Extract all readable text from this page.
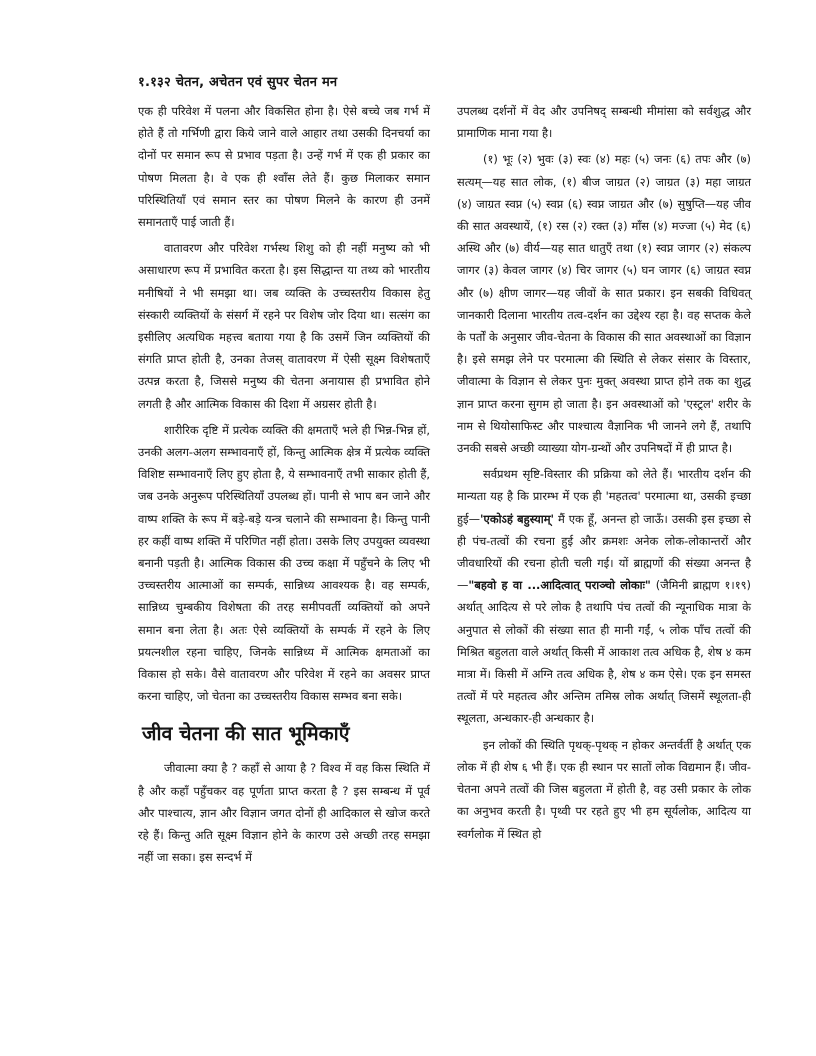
१.१३२ चेतन, अचेतन एवं सुपर चेतन मन

एक ही परिवेश में पलना और विकसित होना है। ऐसे बच्चे जब गर्भ में होते हैं तो गर्भिणी द्वारा किये जाने वाले आहार तथा उसकी दिनचर्या का दोनों पर समान रूप से प्रभाव पड़ता है। उन्हें गर्भ में एक ही प्रकार का पोषण मिलता है। वे एक ही श्वाँस लेते हैं। कुछ मिलाकर समान परिस्थितियाँ एवं समान स्तर का पोषण मिलने के कारण ही उनमें समानताएँ पाई जाती हैं।

वातावरण और परिवेश गर्भस्थ शिशु को ही नहीं मनुष्य को भी असाधारण रूप में प्रभावित करता है। इस सिद्धान्त या तथ्य को भारतीय मनीषियों ने भी समझा था। जब व्यक्ति के उच्चस्तरीय विकास हेतु संस्कारी व्यक्तियों के संसर्ग में रहने पर विशेष जोर दिया था। सत्संग का इसीलिए अत्यधिक महत्त्व बताया गया है कि उसमें जिन व्यक्तियों की संगति प्राप्त होती है, उनका तेजस् वातावरण में ऐसी सूक्ष्म विशेषताएँ उत्पन्न करता है, जिससे मनुष्य की चेतना अनायास ही प्रभावित होने लगती है और आत्मिक विकास की दिशा में अग्रसर होती है।

शारीरिक दृष्टि में प्रत्येक व्यक्ति की क्षमताएँ भले ही भिन्न-भिन्न हों, उनकी अलग-अलग सम्भावनाएँ हों, किन्तु आत्मिक क्षेत्र में प्रत्येक व्यक्ति विशिष्ट सम्भावनाएँ लिए हुए होता है, ये सम्भावनाएँ तभी साकार होती हैं, जब उनके अनुरूप परिस्थितियाँ उपलब्ध हों। पानी से भाप बन जाने और वाष्प शक्ति के रूप में बड़े-बड़े यन्त्र चलाने की सम्भावना है। किन्तु पानी हर कहीं वाष्प शक्ति में परिणित नहीं होता। उसके लिए उपयुक्त व्यवस्था बनानी पड़ती है। आत्मिक विकास की उच्च कक्षा में पहुँचने के लिए भी उच्चस्तरीय आत्माओं का सम्पर्क, सान्निध्य आवश्यक है। वह सम्पर्क, सान्निध्य चुम्बकीय विशेषता की तरह समीपवर्ती व्यक्तियों को अपने समान बना लेता है। अतः ऐसे व्यक्तियों के सम्पर्क में रहने के लिए प्रयत्नशील रहना चाहिए, जिनके सान्निध्य में आत्मिक क्षमताओं का विकास हो सके। वैसे वातावरण और परिवेश में रहने का अवसर प्राप्त करना चाहिए, जो चेतना का उच्चस्तरीय विकास सम्भव बना सके।

जीव चेतना की सात भूमिकाएँ

जीवात्मा क्या है ? कहाँ से आया है ? विश्व में वह किस स्थिति में है और कहाँ पहुँचकर वह पूर्णता प्राप्त करता है ? इस सम्बन्ध में पूर्व और पाश्चात्य, ज्ञान और विज्ञान जगत दोनों ही आदिकाल से खोज करते रहे हैं। किन्तु अति सूक्ष्म विज्ञान होने के कारण उसे अच्छी तरह समझा नहीं जा सका। इस सन्दर्भ में

उपलब्ध दर्शनों में वेद और उपनिषद् सम्बन्धी मीमांसा को सर्वशुद्ध और प्रामाणिक माना गया है।

(१) भूः (२) भुवः (३) स्वः (४) महः (५) जनः (६) तपः और (७) सत्यम्—यह सात लोक, (१) बीज जाग्रत (२) जाग्रत (३) महा जाग्रत (४) जाग्रत स्वप्न (५) स्वप्न (६) स्वप्न जाग्रत और (७) सुषुप्ति—यह जीव की सात अवस्थायें, (१) रस (२) रक्त (३) माँस (४) मज्जा (५) मेद (६) अस्थि और (७) वीर्य—यह सात धातुएँ तथा (१) स्वप्न जागर (२) संकल्प जागर (३) केवल जागर (४) चिर जागर (५) घन जागर (६) जाग्रत स्वप्न और (७) क्षीण जागर—यह जीवों के सात प्रकार। इन सबकी विधिवत् जानकारी दिलाना भारतीय तत्व-दर्शन का उद्देश्य रहा है। वह सप्तक केले के पर्तों के अनुसार जीव-चेतना के विकास की सात अवस्थाओं का विज्ञान है। इसे समझ लेने पर परमात्मा की स्थिति से लेकर संसार के विस्तार, जीवात्मा के विज्ञान से लेकर पुनः मुक्त् अवस्था प्राप्त होने तक का शुद्ध ज्ञान प्राप्त करना सुगम हो जाता है। इन अवस्थाओं को 'एस्ट्रल' शरीर के नाम से थियोसाफिस्ट और पाश्चात्य वैज्ञानिक भी जानने लगे हैं, तथापि उनकी सबसे अच्छी व्याख्या योग-ग्रन्थों और उपनिषदों में ही प्राप्त है।

सर्वप्रथम सृष्टि-विस्तार की प्रक्रिया को लेते हैं। भारतीय दर्शन की मान्यता यह है कि प्रारम्भ में एक ही 'महतत्व' परमात्मा था, उसकी इच्छा हुई—'एकोऽहं बहुस्याम्' मैं एक हूँ, अनन्त हो जाऊँ। उसकी इस इच्छा से ही पंच-तत्वों की रचना हुई और क्रमशः अनेक लोक-लोकान्तरों और जीवधारियों की रचना होती चली गई। यों ब्राह्मणों की संख्या अनन्त है—"बहवो ह वा ...आदित्वात् पराञ्चो लोकाः" (जैमिनी ब्राह्मण १।१९) अर्थात् आदित्य से परे लोक है तथापि पंच तत्वों की न्यूनाधिक मात्रा के अनुपात से लोकों की संख्या सात ही मानी गईं, ५ लोक पाँच तत्वों की मिश्रित बहुलता वाले अर्थात् किसी में आकाश तत्व अधिक है, शेष ४ कम मात्रा में। किसी में अग्नि तत्व अधिक है, शेष ४ कम ऐसे। एक इन समस्त तत्वों में परे महतत्व और अन्तिम तमिस्र लोक अर्थात् जिसमें स्थूलता-ही स्थूलता, अन्धकार-ही अन्धकार है।

इन लोकों की स्थिति पृथक्-पृथक् न होकर अन्तर्वर्ती है अर्थात् एक लोक में ही शेष ६ भी हैं। एक ही स्थान पर सातों लोक विद्यमान हैं। जीव-चेतना अपने तत्वों की जिस बहुलता में होती है, वह उसी प्रकार के लोक का अनुभव करती है। पृथ्वी पर रहते हुए भी हम सूर्यलोक, आदित्य या स्वर्गलोक में स्थित हो
